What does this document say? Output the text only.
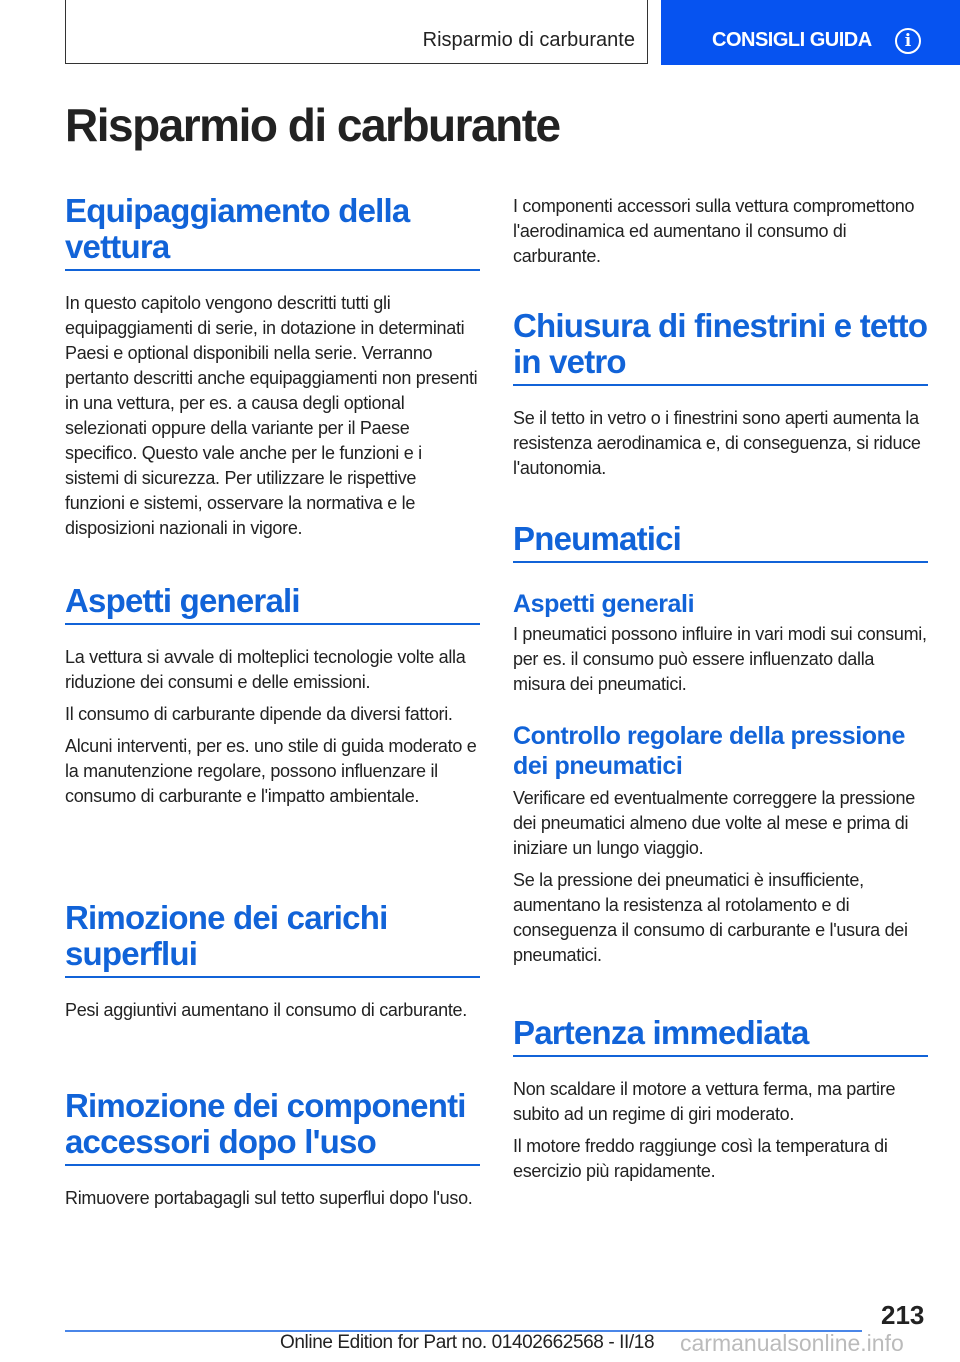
Risparmio di carburante	CONSIGLI GUIDA	i
Risparmio di carburante
Equipaggiamento della vettura

In questo capitolo vengono descritti tutti gli equipaggiamenti di serie, in dotazione in determinati Paesi e optional disponibili nella serie. Verranno pertanto descritti anche equipaggiamenti non presenti in una vettura, per es. a causa degli optional selezionati oppure della variante per il Paese specifico. Questo vale anche per le funzioni e i sistemi di sicurezza. Per utilizzare le rispettive funzioni e sistemi, osservare la normativa e le disposizioni nazionali in vigore.

Aspetti generali

La vettura si avvale di molteplici tecnologie volte alla riduzione dei consumi e delle emissioni.

Il consumo di carburante dipende da diversi fattori.

Alcuni interventi, per es. uno stile di guida moderato e la manutenzione regolare, possono influenzare il consumo di carburante e l'impatto ambientale.

Rimozione dei carichi superflui

Pesi aggiuntivi aumentano il consumo di carburante.

Rimozione dei componenti accessori dopo l'uso

Rimuovere portabagagli sul tetto superflui dopo l'uso.

I componenti accessori sulla vettura compromettono l'aerodinamica ed aumentano il consumo di carburante.

Chiusura di finestrini e tetto in vetro

Se il tetto in vetro o i finestrini sono aperti aumenta la resistenza aerodinamica e, di conseguenza, si riduce l'autonomia.

Pneumatici
Aspetti generali

I pneumatici possono influire in vari modi sui consumi, per es. il consumo può essere influenzato dalla misura dei pneumatici.

Controllo regolare della pressione dei pneumatici

Verificare ed eventualmente correggere la pressione dei pneumatici almeno due volte al mese e prima di iniziare un lungo viaggio.

Se la pressione dei pneumatici è insufficiente, aumentano la resistenza al rotolamento e di conseguenza il consumo di carburante e l'usura dei pneumatici.

Partenza immediata

Non scaldare il motore a vettura ferma, ma partire subito ad un regime di giri moderato.

Il motore freddo raggiunge così la temperatura di esercizio più rapidamente.

213
Online Edition for Part no. 01402662568 - II/18 carmanualsonline.info
